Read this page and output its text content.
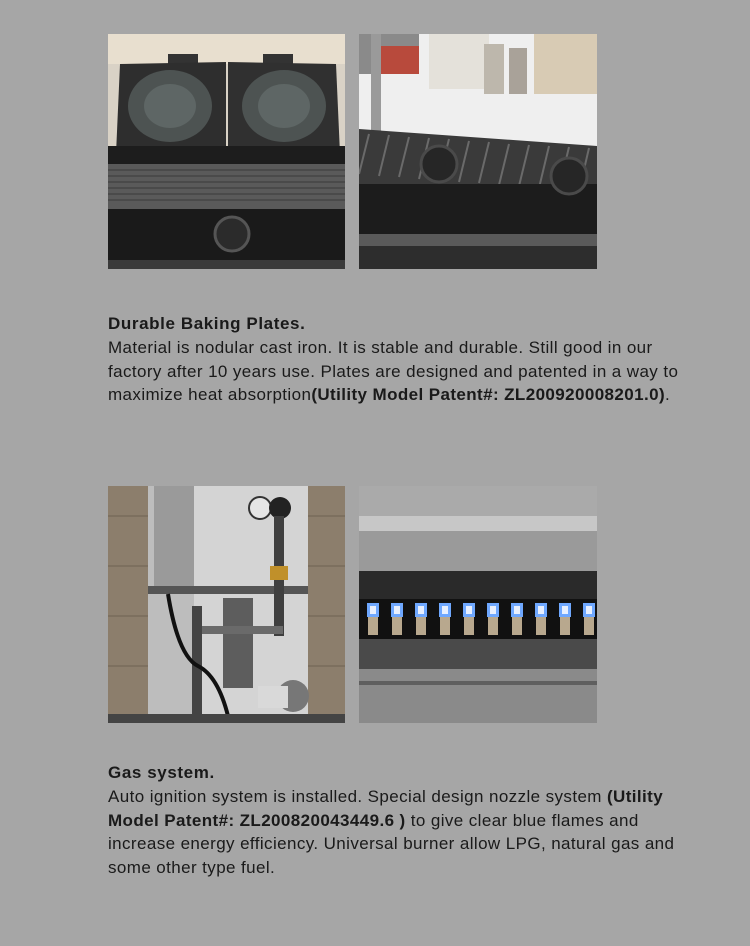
Durable Baking Plates.

Material is nodular cast iron. It is stable and durable. Still good in our factory after 10 years use. Plates are designed and patented in a way to maximize heat absorption(Utility Model Patent#: ZL200920008201.0).

Gas system.

Auto ignition system is installed. Special design nozzle system (Utility Model Patent#: ZL200820043449.6 ) to give clear blue flames and increase energy efficiency. Universal burner allow LPG, natural gas and some other type fuel.
